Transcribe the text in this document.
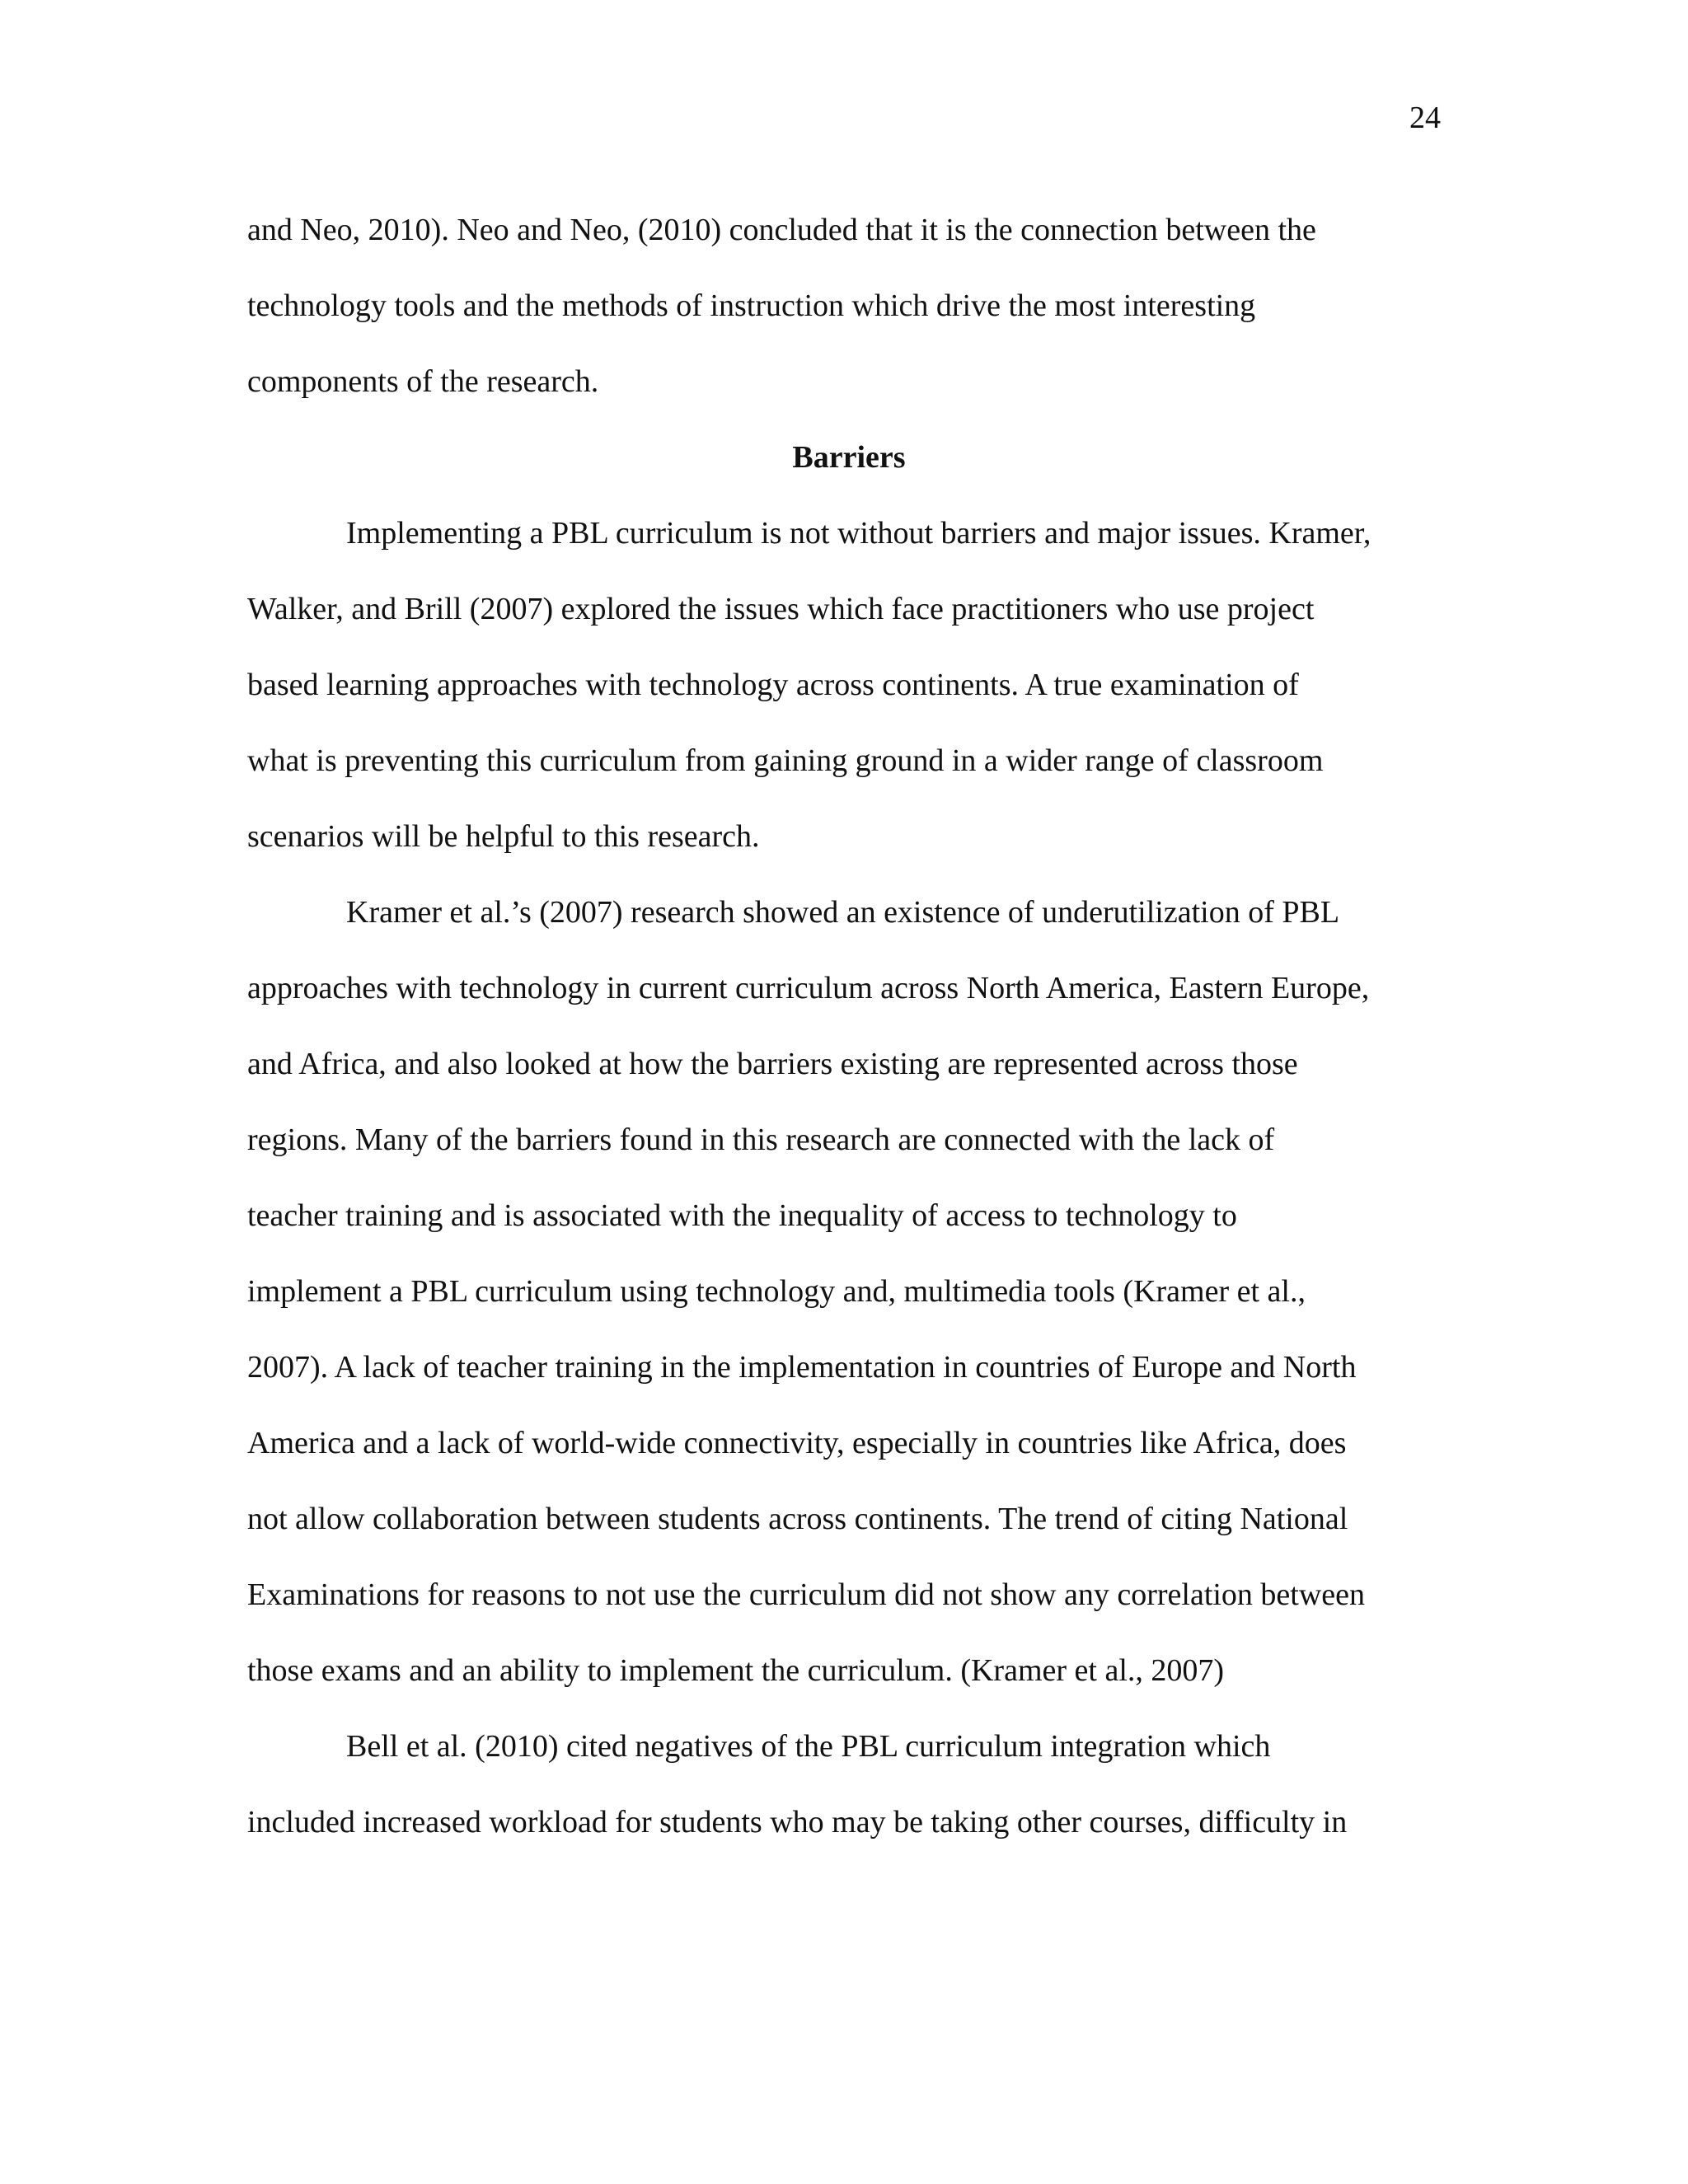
24
and Neo, 2010). Neo and Neo, (2010) concluded that it is the connection between the
technology tools and the methods of instruction which drive the most interesting
components of the research.
Barriers
Implementing a PBL curriculum is not without barriers and major issues. Kramer,
Walker, and Brill (2007) explored the issues which face practitioners who use project
based learning approaches with technology across continents. A true examination of
what is preventing this curriculum from gaining ground in a wider range of classroom
scenarios will be helpful to this research.
Kramer et al.’s (2007) research showed an existence of underutilization of PBL
approaches with technology in current curriculum across North America, Eastern Europe,
and Africa, and also looked at how the barriers existing are represented across those
regions. Many of the barriers found in this research are connected with the lack of
teacher training and is associated with the inequality of access to technology to
implement a PBL curriculum using technology and, multimedia tools (Kramer et al.,
2007). A lack of teacher training in the implementation in countries of Europe and North
America and a lack of world-wide connectivity, especially in countries like Africa, does
not allow collaboration between students across continents. The trend of citing National
Examinations for reasons to not use the curriculum did not show any correlation between
those exams and an ability to implement the curriculum. (Kramer et al., 2007)
Bell et al. (2010) cited negatives of the PBL curriculum integration which
included increased workload for students who may be taking other courses, difficulty in
